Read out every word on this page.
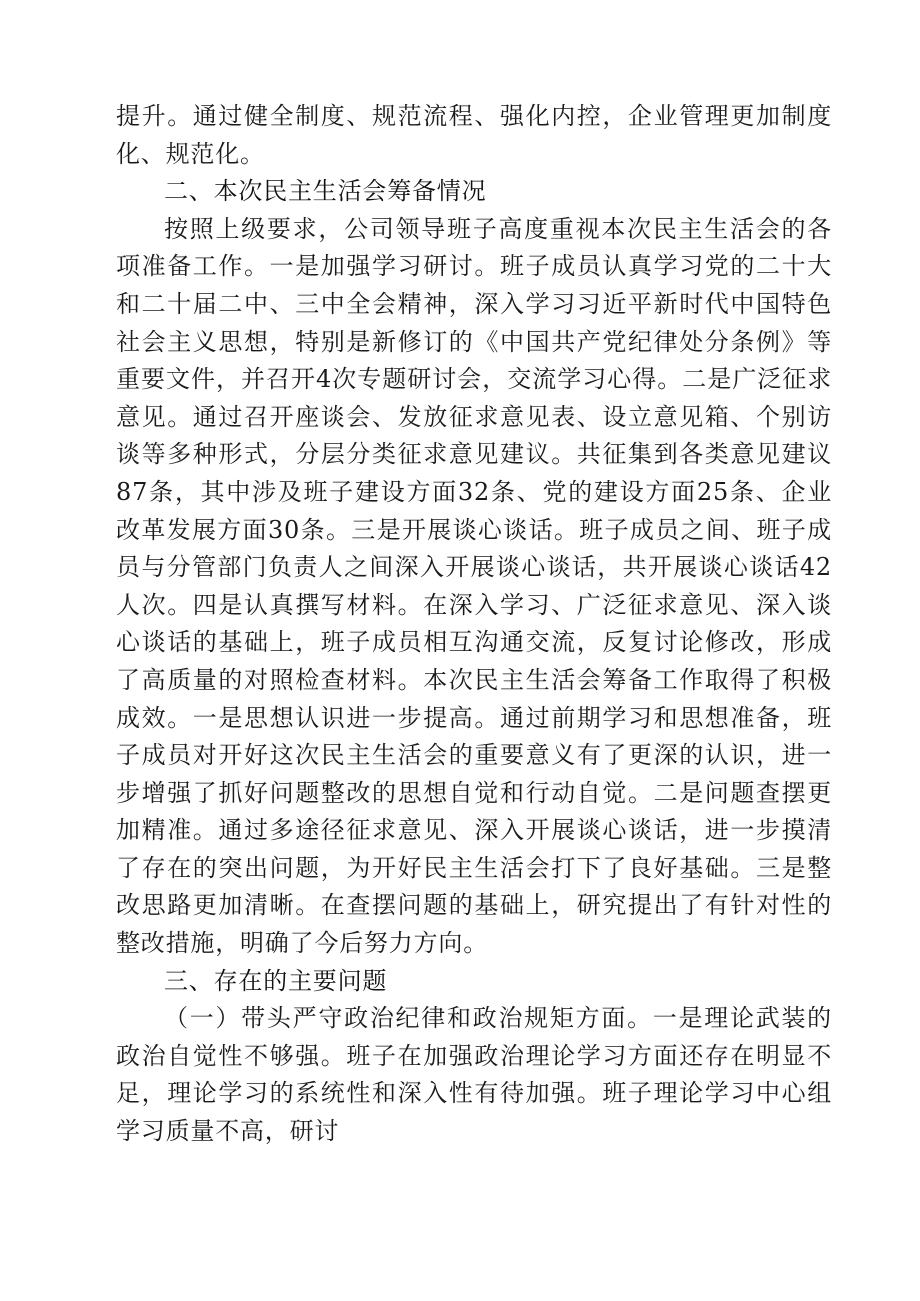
提升。通过健全制度、规范流程、强化内控，企业管理更加制度化、规范化。

二、本次民主生活会筹备情况

按照上级要求，公司领导班子高度重视本次民主生活会的各项准备工作。一是加强学习研讨。班子成员认真学习党的二十大和二十届二中、三中全会精神，深入学习习近平新时代中国特色社会主义思想，特别是新修订的《中国共产党纪律处分条例》等重要文件，并召开4次专题研讨会，交流学习心得。二是广泛征求意见。通过召开座谈会、发放征求意见表、设立意见箱、个别访谈等多种形式，分层分类征求意见建议。共征集到各类意见建议87条，其中涉及班子建设方面32条、党的建设方面25条、企业改革发展方面30条。三是开展谈心谈话。班子成员之间、班子成员与分管部门负责人之间深入开展谈心谈话，共开展谈心谈话42人次。四是认真撰写材料。在深入学习、广泛征求意见、深入谈心谈话的基础上，班子成员相互沟通交流，反复讨论修改，形成了高质量的对照检查材料。本次民主生活会筹备工作取得了积极成效。一是思想认识进一步提高。通过前期学习和思想准备，班子成员对开好这次民主生活会的重要意义有了更深的认识，进一步增强了抓好问题整改的思想自觉和行动自觉。二是问题查摆更加精准。通过多途径征求意见、深入开展谈心谈话，进一步摸清了存在的突出问题，为开好民主生活会打下了良好基础。三是整改思路更加清晰。在查摆问题的基础上，研究提出了有针对性的整改措施，明确了今后努力方向。

三、存在的主要问题

（一）带头严守政治纪律和政治规矩方面。一是理论武装的政治自觉性不够强。班子在加强政治理论学习方面还存在明显不足，理论学习的系统性和深入性有待加强。班子理论学习中心组学习质量不高，研讨
